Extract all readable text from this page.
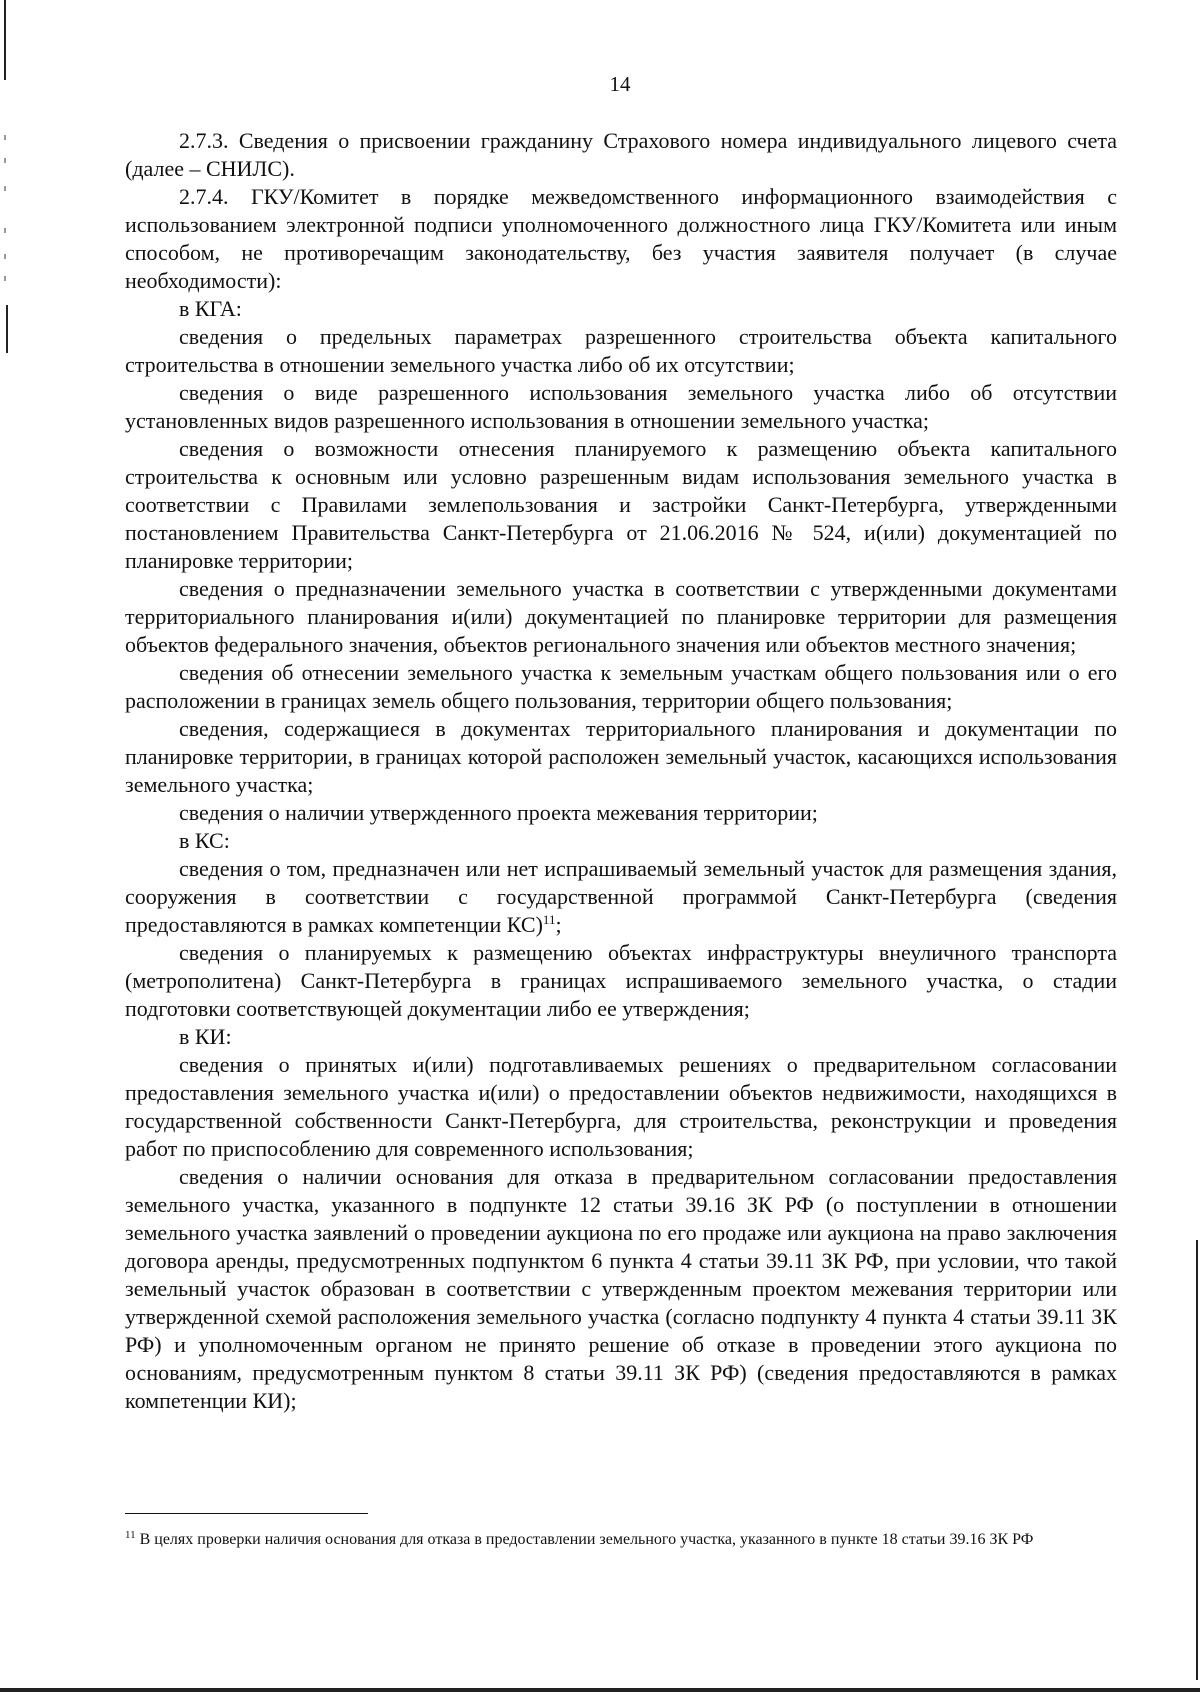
14

2.7.3. Сведения о присвоении гражданину Страхового номера индивидуального лицевого счета (далее – СНИЛС).

2.7.4. ГКУ/Комитет в порядке межведомственного информационного взаимодействия с использованием электронной подписи уполномоченного должностного лица ГКУ/Комитета или иным способом, не противоречащим законодательству, без участия заявителя получает (в случае необходимости):

в КГА:

сведения о предельных параметрах разрешенного строительства объекта капитального строительства в отношении земельного участка либо об их отсутствии;

сведения о виде разрешенного использования земельного участка либо об отсутствии установленных видов разрешенного использования в отношении земельного участка;

сведения о возможности отнесения планируемого к размещению объекта капитального строительства к основным или условно разрешенным видам использования земельного участка в соответствии с Правилами землепользования и застройки Санкт-Петербурга, утвержденными постановлением Правительства Санкт-Петербурга от 21.06.2016 № 524, и(или) документацией по планировке территории;

сведения о предназначении земельного участка в соответствии с утвержденными документами территориального планирования и(или) документацией по планировке территории для размещения объектов федерального значения, объектов регионального значения или объектов местного значения;

сведения об отнесении земельного участка к земельным участкам общего пользования или о его расположении в границах земель общего пользования, территории общего пользования;

сведения, содержащиеся в документах территориального планирования и документации по планировке территории, в границах которой расположен земельный участок, касающихся использования земельного участка;

сведения о наличии утвержденного проекта межевания территории;

в КС:

сведения о том, предназначен или нет испрашиваемый земельный участок для размещения здания, сооружения в соответствии с государственной программой Санкт-Петербурга (сведения предоставляются в рамках компетенции КС)$^{11}$;

сведения о планируемых к размещению объектах инфраструктуры внеуличного транспорта (метрополитена) Санкт-Петербурга в границах испрашиваемого земельного участка, о стадии подготовки соответствующей документации либо ее утверждения;

в КИ:

сведения о принятых и(или) подготавливаемых решениях о предварительном согласовании предоставления земельного участка и(или) о предоставлении объектов недвижимости, находящихся в государственной собственности Санкт-Петербурга, для строительства, реконструкции и проведения работ по приспособлению для современного использования;

сведения о наличии основания для отказа в предварительном согласовании предоставления земельного участка, указанного в подпункте 12 статьи 39.16 ЗК РФ (о поступлении в отношении земельного участка заявлений о проведении аукциона по его продаже или аукциона на право заключения договора аренды, предусмотренных подпунктом 6 пункта 4 статьи 39.11 ЗК РФ, при условии, что такой земельный участок образован в соответствии с утвержденным проектом межевания территории или утвержденной схемой расположения земельного участка (согласно подпункту 4 пункта 4 статьи 39.11 ЗК РФ) и уполномоченным органом не принято решение об отказе в проведении этого аукциона по основаниям, предусмотренным пунктом 8 статьи 39.11 ЗК РФ) (сведения предоставляются в рамках компетенции КИ);

$^{11}$ В целях проверки наличия основания для отказа в предоставлении земельного участка, указанного в пункте 18 статьи 39.16 ЗК РФ
